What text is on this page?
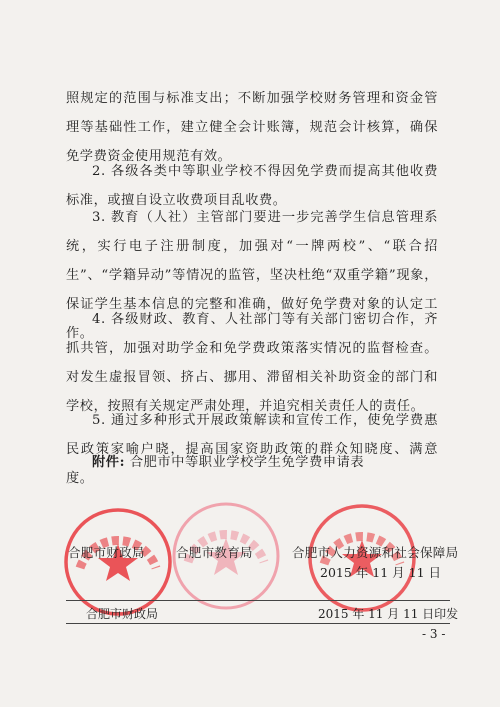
照规定的范围与标准支出；不断加强学校财务管理和资金管理等基础性工作，建立健全会计账簿，规范会计核算，确保免学费资金使用规范有效。

2. 各级各类中等职业学校不得因免学费而提高其他收费标准，或擅自设立收费项目乱收费。

3. 教育（人社）主管部门要进一步完善学生信息管理系统，实行电子注册制度，加强对“一牌两校”、“联合招生”、“学籍异动”等情况的监管，坚决杜绝“双重学籍”现象，保证学生基本信息的完整和准确，做好免学费对象的认定工作。

4. 各级财政、教育、人社部门等有关部门密切合作，齐抓共管，加强对助学金和免学费政策落实情况的监督检查。对发生虚报冒领、挤占、挪用、滞留相关补助资金的部门和学校，按照有关规定严肃处理，并追究相关责任人的责任。

5. 通过多种形式开展政策解读和宣传工作，使免学费惠民政策家喻户晓，提高国家资助政策的群众知晓度、满意度。

附件: 合肥市中等职业学校学生免学费申请表
合肥市财政局 合肥市教育局	合肥市人力资源和社会保障局
2015 年 11 月 11 日
合肥市财政局	2015 年 11 月 11 日印发
- 3 -
